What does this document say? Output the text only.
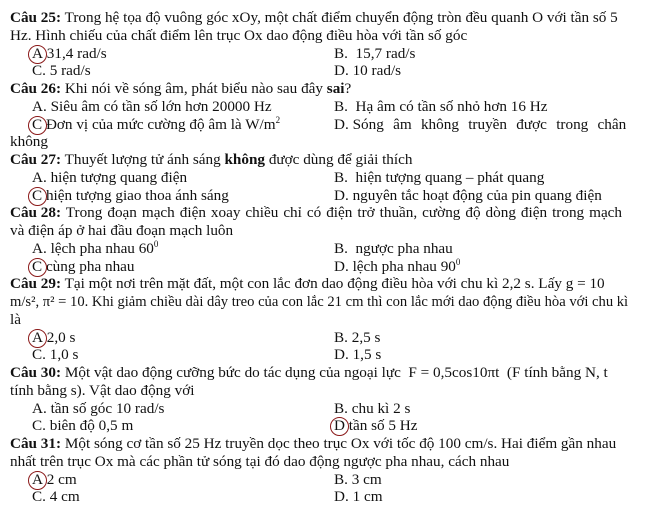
Câu 25: Trong hệ tọa độ vuông góc xOy, một chất điểm chuyển động tròn đều quanh O với tần số 5
Hz. Hình chiếu của chất điểm lên trục Ox dao động điều hòa với tần số góc
A 31,4 rad/s	B.  15,7 rad/s
C. 5 rad/s	D. 10 rad/s
Câu 26: Khi nói về sóng âm, phát biểu nào sau đây sai?
A. Siêu âm có tần số lớn hơn 20000 Hz	B.  Hạ âm có tần số nhỏ hơn 16 Hz
C Đơn vị của mức cường độ âm là $W/m^2$	D. Sóng âm không truyền được trong chân
không
Câu 27: Thuyết lượng tử ánh sáng không được dùng để giải thích
A. hiện tượng quang điện	B.  hiện tượng quang – phát quang
C hiện tượng giao thoa ánh sáng	D. nguyên tắc hoạt động của pin quang điện
Câu 28: Trong đoạn mạch điện xoay chiều chỉ có điện trở thuần, cường độ dòng điện trong mạch
và điện áp ở hai đầu đoạn mạch luôn
A. lệch pha nhau $60^0$	B.  ngược pha nhau
C cùng pha nhau	D. lệch pha nhau $90^0$
Câu 29: Tại một nơi trên mặt đất, một con lắc đơn dao động điều hòa với chu kì 2,2 s. Lấy g = 10
m/s², π² = 10. Khi giảm chiều dài dây treo của con lắc 21 cm thì con lắc mới dao động điều hòa với chu kì
là
A 2,0 s	B. 2,5 s
C. 1,0 s	D. 1,5 s
Câu 30: Một vật dao động cưỡng bức do tác dụng của ngoại lực  F = 0,5cos10πt  (F tính bằng N, t
tính bằng s). Vật dao động với
A. tần số góc 10 rad/s	B. chu kì 2 s
C. biên độ 0,5 m	D tần số 5 Hz
Câu 31: Một sóng cơ tần số 25 Hz truyền dọc theo trục Ox với tốc độ 100 cm/s. Hai điểm gần nhau
nhất trên trục Ox mà các phần tử sóng tại đó dao động ngược pha nhau, cách nhau
A 2 cm	B. 3 cm
C. 4 cm	D. 1 cm
